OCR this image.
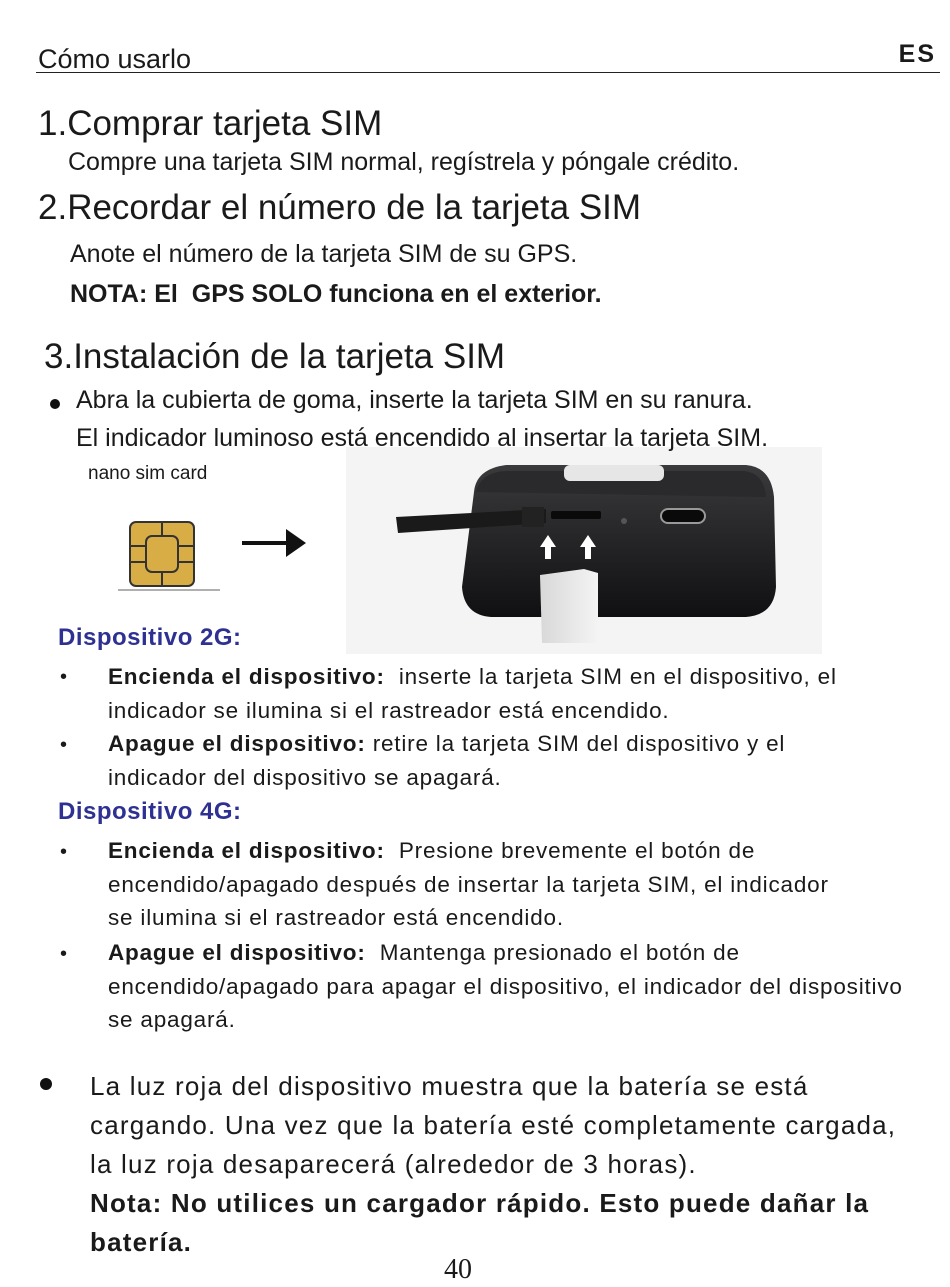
Cómo usarlo	ES
1.Comprar tarjeta SIM
Compre una tarjeta SIM normal, regístrela y póngale crédito.
2.Recordar el número de la tarjeta SIM
Anote el número de la tarjeta SIM de su GPS.
NOTA: El  GPS SOLO funciona en el exterior.
3.Instalación de la tarjeta SIM
Abra la cubierta de goma, inserte la tarjeta SIM en su ranura.
El indicador luminoso está encendido al insertar la tarjeta SIM.
nano sim card
Dispositivo 2G:
• Encienda el dispositivo:  inserte la tarjeta SIM en el dispositivo, el indicador se ilumina si el rastreador está encendido.
• Apague el dispositivo: retire la tarjeta SIM del dispositivo y el indicador del dispositivo se apagará.
Dispositivo 4G:
• Encienda el dispositivo:  Presione brevemente el botón de encendido/apagado después de insertar la tarjeta SIM, el indicador se ilumina si el rastreador está encendido.
• Apague el dispositivo:  Mantenga presionado el botón de encendido/apagado para apagar el dispositivo, el indicador del dispositivo se apagará.
La luz roja del dispositivo muestra que la batería se está cargando. Una vez que la batería esté completamente cargada, la luz roja desaparecerá (alrededor de 3 horas).
Nota: No utilices un cargador rápido. Esto puede dañar la batería.
40
